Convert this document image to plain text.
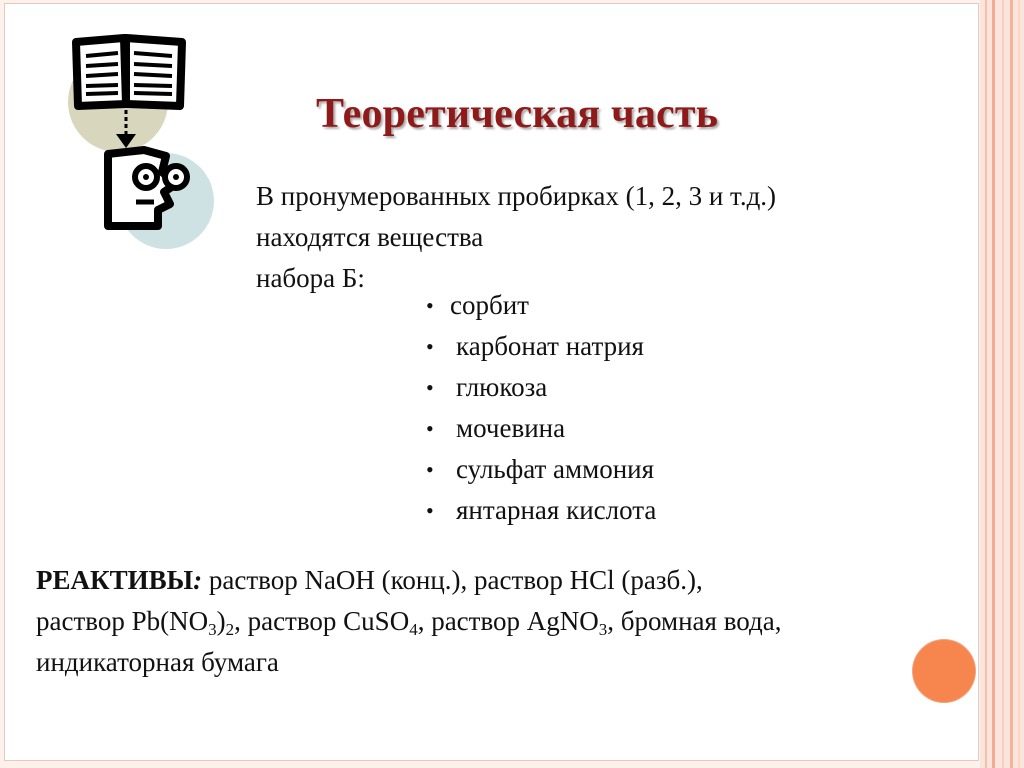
Теоретическая часть

В пронумерованных пробирках (1, 2, 3 и т.д.)
находятся вещества
набора Б:

• сорбит
• карбонат натрия
• глюкоза
• мочевина
• сульфат аммония
• янтарная кислота

РЕАКТИВЫ: раствор NaOH (конц.), раствор HCl (разб.),
раствор $Pb(NO_3)_2$, раствор CuSO$_4$, раствор AgNO$_3$, бромная вода,
индикаторная бумага
